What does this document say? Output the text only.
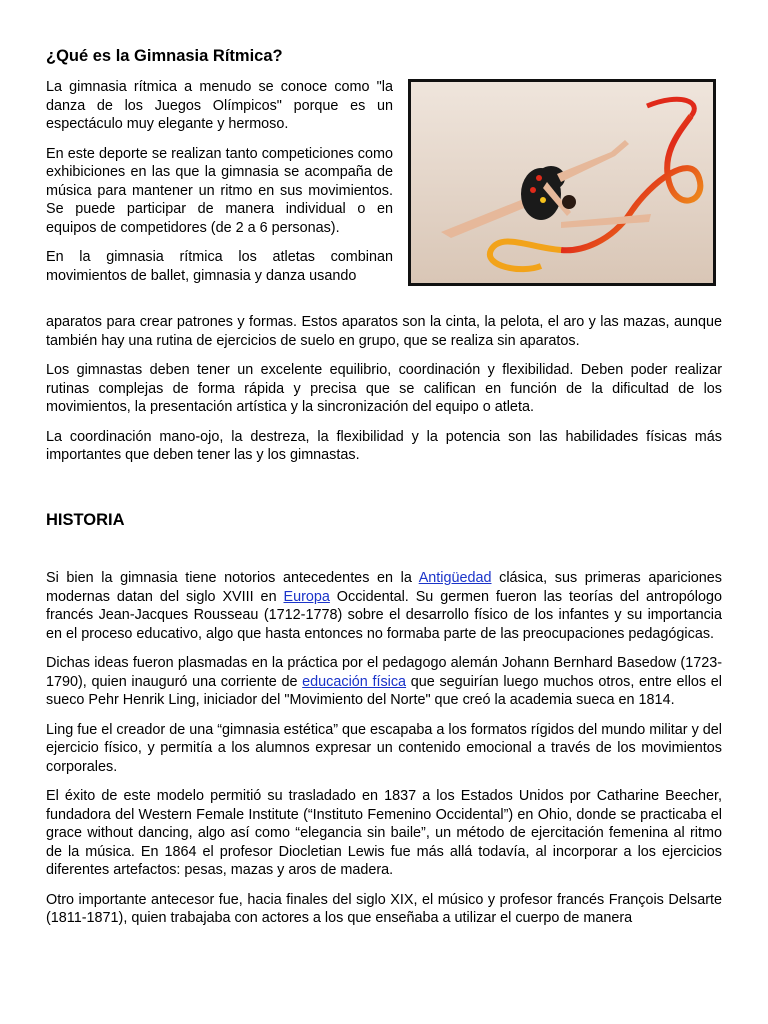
¿Qué es la Gimnasia Rítmica?

La gimnasia rítmica a menudo se conoce como "la danza de los Juegos Olímpicos" porque es un espectáculo muy elegante y hermoso.

En este deporte se realizan tanto competiciones como exhibiciones en las que la gimnasia se acompaña de música para mantener un ritmo en sus movimientos. Se puede participar de manera individual o en equipos de competidores (de 2 a 6 personas).

En la gimnasia rítmica los atletas combinan movimientos de ballet, gimnasia y danza usando

aparatos para crear patrones y formas. Estos aparatos son la cinta, la pelota, el aro y las mazas, aunque también hay una rutina de ejercicios de suelo en grupo, que se realiza sin aparatos.

Los gimnastas deben tener un excelente equilibrio, coordinación y flexibilidad. Deben poder realizar rutinas complejas de forma rápida y precisa que se califican en función de la dificultad de los movimientos, la presentación artística y la sincronización del equipo o atleta.

La coordinación mano-ojo, la destreza, la flexibilidad y la potencia son las habilidades físicas más importantes que deben tener las y los gimnastas.

HISTORIA

Si bien la gimnasia tiene notorios antecedentes en la Antigüedad clásica, sus primeras apariciones modernas datan del siglo XVIII en Europa Occidental. Su germen fueron las teorías del antropólogo francés Jean-Jacques Rousseau (1712-1778) sobre el desarrollo físico de los infantes y su importancia en el proceso educativo, algo que hasta entonces no formaba parte de las preocupaciones pedagógicas.

Dichas ideas fueron plasmadas en la práctica por el pedagogo alemán Johann Bernhard Basedow (1723-1790), quien inauguró una corriente de educación física que seguirían luego muchos otros, entre ellos el sueco Pehr Henrik Ling, iniciador del "Movimiento del Norte" que creó la academia sueca en 1814.

Ling fue el creador de una “gimnasia estética” que escapaba a los formatos rígidos del mundo militar y del ejercicio físico, y permitía a los alumnos expresar un contenido emocional a través de los movimientos corporales.

El éxito de este modelo permitió su trasladado en 1837 a los Estados Unidos por Catharine Beecher, fundadora del Western Female Institute (“Instituto Femenino Occidental”) en Ohio, donde se practicaba el grace without dancing, algo así como “elegancia sin baile”, un método de ejercitación femenina al ritmo de la música. En 1864 el profesor Diocletian Lewis fue más allá todavía, al incorporar a los ejercicios diferentes artefactos: pesas, mazas y aros de madera.

Otro importante antecesor fue, hacia finales del siglo XIX, el músico y profesor francés François Delsarte (1811-1871), quien trabajaba con actores a los que enseñaba a utilizar el cuerpo de manera
